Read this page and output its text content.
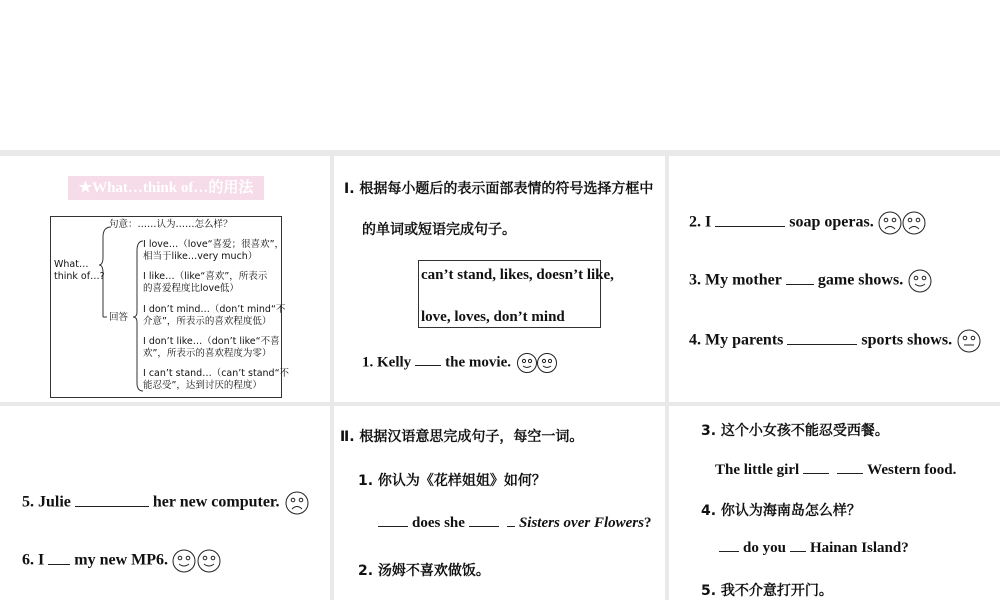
★What…think of…的用法
What…
think of…?
句意：……认为……怎么样？
回答
I love…（love“喜爱；很喜欢”，
相当于like…very much）
I like…（like“喜欢”，所表示
的喜爱程度比love低）
I don’t mind…（don’t mind“不
介意”，所表示的喜欢程度低）
I don’t like…（don’t like“不喜
欢”，所表示的喜欢程度为零）
I can’t stand…（can’t stand“不
能忍受”，达到讨厌的程度）
Ⅰ. 根据每小题后的表示面部表情的符号选择方框中
的单词或短语完成句子。
can’t stand, likes, doesn’t like,
love, loves, don’t mind
1. Kelly the movie.
2. I	soap operas.
3. My mother game shows.
4. My parents	sports shows.
5. Julie	her new computer.
6. I my new MP6.
Ⅱ. 根据汉语意思完成句子，每空一词。
1. 你认为《花样姐姐》如何？
does she	Sisters over Flowers?
2. 汤姆不喜欢做饭。
3. 这个小女孩不能忍受西餐。
The little girl	Western food.
4. 你认为海南岛怎么样？
do you Hainan Island?
5. 我不介意打开门。
